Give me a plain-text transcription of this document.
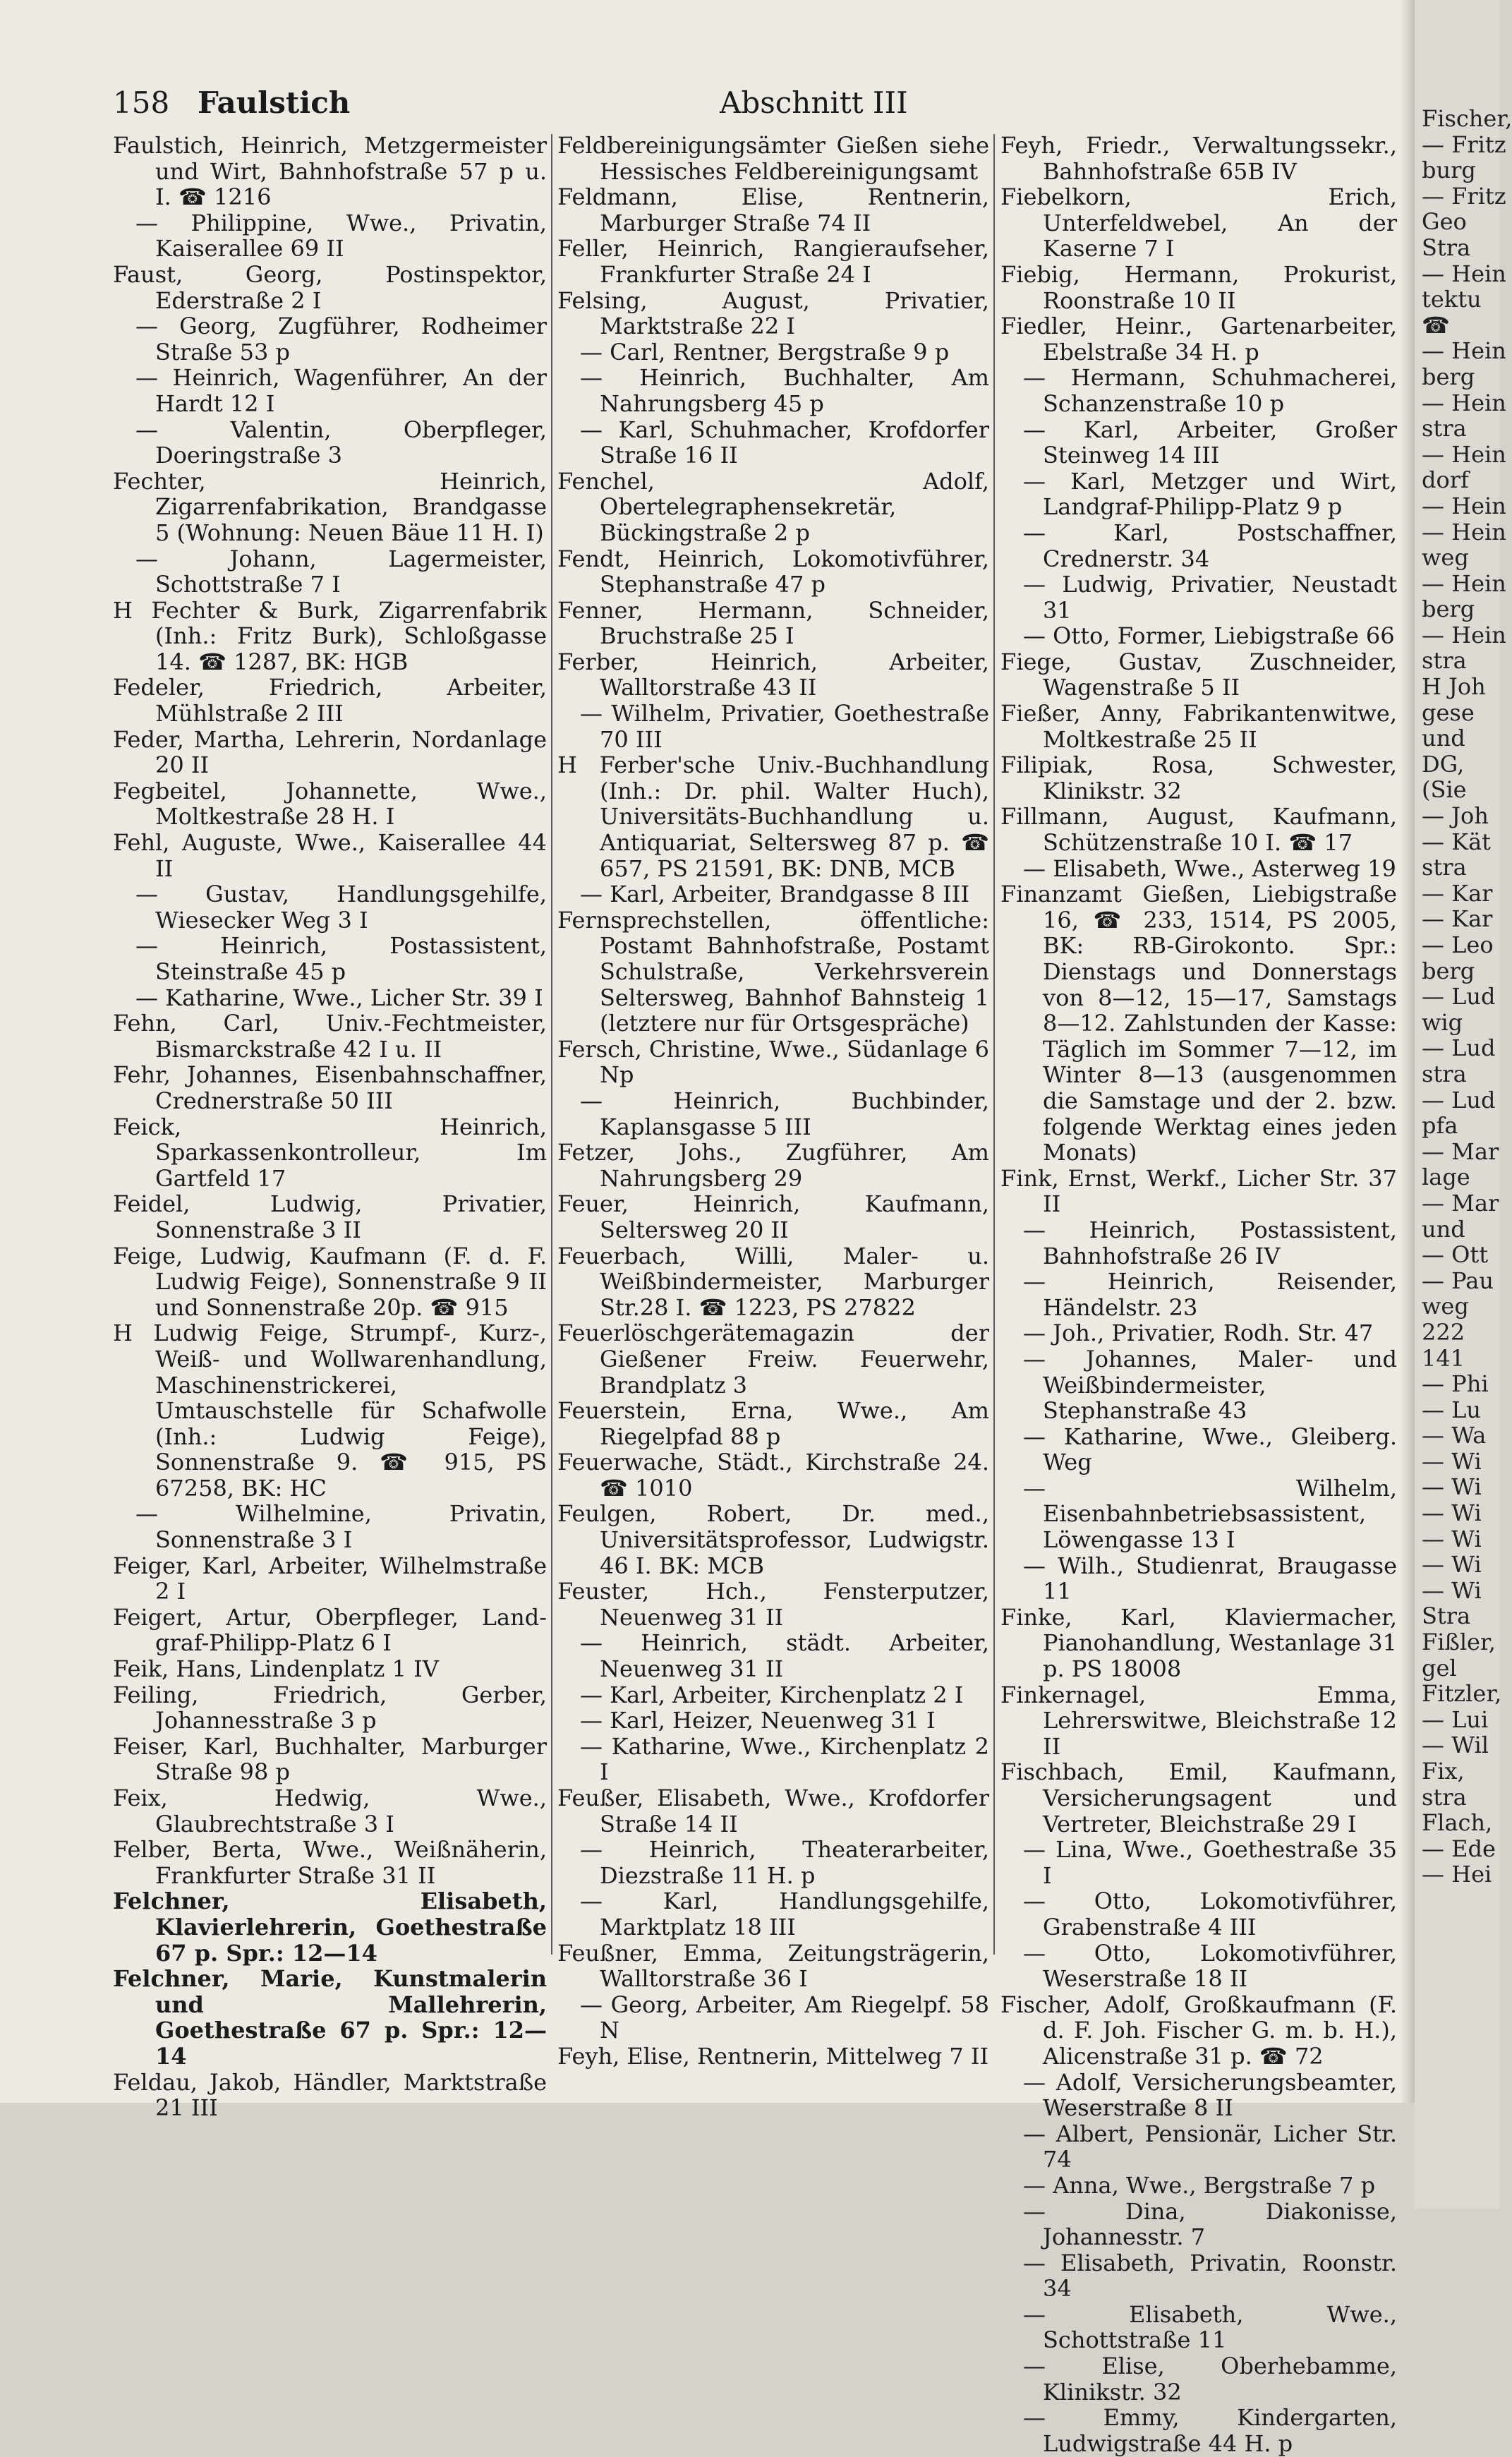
158 Faulstich	Abschnitt III

Faulstich, Heinrich, Metzgermeister und Wirt, Bahnhofstraße 57 p u. I. ☎ 1216

— Philippine, Wwe., Privatin, Kaiserallee 69 II

Faust, Georg, Postinspektor, Ederstraße 2 I

— Georg, Zugführer, Rodheimer Straße 53 p

— Heinrich, Wagenführer, An der Hardt 12 I

— Valentin, Oberpfleger, Doeringstraße 3

Fechter, Heinrich, Zigarrenfabrikation, Brandgasse 5 (Wohnung: Neuen Bäue 11 H. I)

— Johann, Lagermeister, Schottstraße 7 I

H Fechter & Burk, Zigarrenfabrik (Inh.: Fritz Burk), Schloßgasse 14. ☎ 1287, BK: HGB

Fedeler, Friedrich, Arbeiter, Mühlstraße 2 III

Feder, Martha, Lehrerin, Nordanlage 20 II

Fegbeitel, Johannette, Wwe., Moltkestraße 28 H. I

Fehl, Auguste, Wwe., Kaiserallee 44 II

— Gustav, Handlungsgehilfe, Wiesecker Weg 3 I

— Heinrich, Postassistent, Steinstraße 45 p

— Katharine, Wwe., Licher Str. 39 I

Fehn, Carl, Univ.-Fechtmeister, Bismarckstraße 42 I u. II

Fehr, Johannes, Eisenbahnschaffner, Crednerstraße 50 III

Feick, Heinrich, Sparkassenkontrolleur, Im Gartfeld 17

Feidel, Ludwig, Privatier, Sonnenstraße 3 II

Feige, Ludwig, Kaufmann (F. d. F. Ludwig Feige), Sonnenstraße 9 II und Sonnenstraße 20p. ☎ 915

H Ludwig Feige, Strumpf-, Kurz-, Weiß- und Wollwarenhandlung, Maschinenstrickerei, Umtauschstelle für Schafwolle (Inh.: Ludwig Feige), Sonnenstraße 9. ☎ 915, PS 67258, BK: HC

— Wilhelmine, Privatin, Sonnenstraße 3 I

Feiger, Karl, Arbeiter, Wilhelmstraße 2 I

Feigert, Artur, Oberpfleger, Land-graf-Philipp-Platz 6 I

Feik, Hans, Lindenplatz 1 IV

Feiling, Friedrich, Gerber, Johannesstraße 3 p

Feiser, Karl, Buchhalter, Marburger Straße 98 p

Feix, Hedwig, Wwe., Glaubrechtstraße 3 I

Felber, Berta, Wwe., Weißnäherin, Frankfurter Straße 31 II

Felchner, Elisabeth, Klavierlehrerin, Goethestraße 67 p. Spr.: 12—14

Felchner, Marie, Kunstmalerin und Mallehrerin, Goethestraße 67 p. Spr.: 12—14

Feldau, Jakob, Händler, Marktstraße 21 III

Feldbereinigungsämter Gießen siehe Hessisches Feldbereinigungsamt

Feldmann, Elise, Rentnerin, Marburger Straße 74 II

Feller, Heinrich, Rangieraufseher, Frankfurter Straße 24 I

Felsing, August, Privatier, Marktstraße 22 I

— Carl, Rentner, Bergstraße 9 p

— Heinrich, Buchhalter, Am Nahrungsberg 45 p

— Karl, Schuhmacher, Krofdorfer Straße 16 II

Fenchel, Adolf, Obertelegraphensekretär, Bückingstraße 2 p

Fendt, Heinrich, Lokomotivführer, Stephanstraße 47 p

Fenner, Hermann, Schneider, Bruchstraße 25 I

Ferber, Heinrich, Arbeiter, Walltorstraße 43 II

— Wilhelm, Privatier, Goethestraße 70 III

H Ferber'sche Univ.-Buchhandlung (Inh.: Dr. phil. Walter Huch), Universitäts-Buchhandlung u. Antiquariat, Seltersweg 87 p. ☎ 657, PS 21591, BK: DNB, MCB

— Karl, Arbeiter, Brandgasse 8 III

Fernsprechstellen, öffentliche: Postamt Bahnhofstraße, Postamt Schulstraße, Verkehrsverein Seltersweg, Bahnhof Bahnsteig 1 (letztere nur für Ortsgespräche)

Fersch, Christine, Wwe., Südanlage 6 Np

— Heinrich, Buchbinder, Kaplansgasse 5 III

Fetzer, Johs., Zugführer, Am Nahrungsberg 29

Feuer, Heinrich, Kaufmann, Seltersweg 20 II

Feuerbach, Willi, Maler- u. Weißbindermeister, Marburger Str.28 I. ☎ 1223, PS 27822

Feuerlöschgerätemagazin der Gießener Freiw. Feuerwehr, Brandplatz 3

Feuerstein, Erna, Wwe., Am Riegelpfad 88 p

Feuerwache, Städt., Kirchstraße 24. ☎ 1010

Feulgen, Robert, Dr. med., Universitätsprofessor, Ludwigstr. 46 I. BK: MCB

Feuster, Hch., Fensterputzer, Neuenweg 31 II

— Heinrich, städt. Arbeiter, Neuenweg 31 II

— Karl, Arbeiter, Kirchenplatz 2 I

— Karl, Heizer, Neuenweg 31 I

— Katharine, Wwe., Kirchenplatz 2 I

Feußer, Elisabeth, Wwe., Krofdorfer Straße 14 II

— Heinrich, Theaterarbeiter, Diezstraße 11 H. p

— Karl, Handlungsgehilfe, Marktplatz 18 III

Feußner, Emma, Zeitungsträgerin, Walltorstraße 36 I

— Georg, Arbeiter, Am Riegelpf. 58 N

Feyh, Elise, Rentnerin, Mittelweg 7 II

Feyh, Friedr., Verwaltungssekr., Bahnhofstraße 65B IV

Fiebelkorn, Erich, Unterfeldwebel, An der Kaserne 7 I

Fiebig, Hermann, Prokurist, Roonstraße 10 II

Fiedler, Heinr., Gartenarbeiter, Ebelstraße 34 H. p

— Hermann, Schuhmacherei, Schanzenstraße 10 p

— Karl, Arbeiter, Großer Steinweg 14 III

— Karl, Metzger und Wirt, Landgraf-Philipp-Platz 9 p

— Karl, Postschaffner, Crednerstr. 34

— Ludwig, Privatier, Neustadt 31

— Otto, Former, Liebigstraße 66

Fiege, Gustav, Zuschneider, Wagenstraße 5 II

Fießer, Anny, Fabrikantenwitwe, Moltkestraße 25 II

Filipiak, Rosa, Schwester, Klinikstr. 32

Fillmann, August, Kaufmann, Schützenstraße 10 I. ☎ 17

— Elisabeth, Wwe., Asterweg 19

Finanzamt Gießen, Liebigstraße 16, ☎ 233, 1514, PS 2005, BK: RB-Girokonto. Spr.: Dienstags und Donnerstags von 8—12, 15—17, Samstags 8—12. Zahlstunden der Kasse: Täglich im Sommer 7—12, im Winter 8—13 (ausgenommen die Samstage und der 2. bzw. folgende Werktag eines jeden Monats)

Fink, Ernst, Werkf., Licher Str. 37 II

— Heinrich, Postassistent, Bahnhofstraße 26 IV

— Heinrich, Reisender, Händelstr. 23

— Joh., Privatier, Rodh. Str. 47

— Johannes, Maler- und Weißbindermeister, Stephanstraße 43

— Katharine, Wwe., Gleiberg. Weg

— Wilhelm, Eisenbahnbetriebsassistent, Löwengasse 13 I

— Wilh., Studienrat, Braugasse 11

Finke, Karl, Klaviermacher, Pianohandlung, Westanlage 31 p. PS 18008

Finkernagel, Emma, Lehrerswitwe, Bleichstraße 12 II

Fischbach, Emil, Kaufmann, Versicherungsagent und Vertreter, Bleichstraße 29 I

— Lina, Wwe., Goethestraße 35 I

— Otto, Lokomotivführer, Grabenstraße 4 III

— Otto, Lokomotivführer, Weserstraße 18 II

Fischer, Adolf, Großkaufmann (F. d. F. Joh. Fischer G. m. b. H.), Alicenstraße 31 p. ☎ 72

— Adolf, Versicherungsbeamter, Weserstraße 8 II

— Albert, Pensionär, Licher Str. 74

— Anna, Wwe., Bergstraße 7 p

— Dina, Diakonisse, Johannesstr. 7

— Elisabeth, Privatin, Roonstr. 34

— Elisabeth, Wwe., Schottstraße 11

— Elise, Oberhebamme, Klinikstr. 32

— Emmy, Kindergarten, Ludwigstraße 44 H. p

Fischer,
— Fritz
burg
— Fritz
Geo
Stra
— Hein
tektu
☎
— Hein
berg
— Hein
stra
— Hein
dorf
— Hein
— Hein
weg
— Hein
berg
— Hein
stra
H Joh
gese
und
DG,
(Sie
— Joh
— Kät
stra
— Kar
— Kar
— Leo
berg
— Lud
wig
— Lud
stra
— Lud
pfa
— Mar
lage
— Mar
und
— Ott
— Pau
weg
222
141
— Phi
— Lu
— Wa
— Wi
— Wi
— Wi
— Wi
— Wi
— Wi
Stra
Fißler,
gel
Fitzler,
— Lui
— Wil
Fix,
stra
Flach,
— Ede
— Hei
